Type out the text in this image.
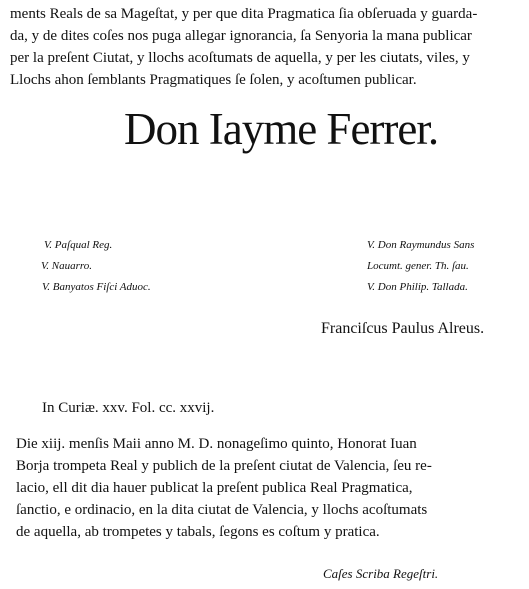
ments Reals de sa Mageſtat, y per que dita Pragmatica ſia obſeruada y guarda-
da, y de dites coſes nos puga allegar ignorancia, ſa Senyoria la mana publicar
per la preſent Ciutat, y llochs acoſtumats de aquella, y per les ciutats, viles, y
Llochs ahon ſemblants Pragmatiques ſe ſolen, y acoſtumen publicar.
Don Iayme Ferrer.
V. Paſqual Reg.
V. Nauarro.
V. Banyatos Fiſci Aduoc.
V. Don Raymundus Sans
Locumt. gener. Th. ſau.
V. Don Philip. Tallada.
Franciſcus Paulus Alreus.
In Curiæ. xxv. Fol. cc. xxvij.
Die xiij. menſis Maii anno M. D. nonageſimo quinto, Honorat Iuan
Borja trompeta Real y publich de la preſent ciutat de Valencia, ſeu re-
lacio, ell dit dia hauer publicat la preſent publica Real Pragmatica,
ſanctio, e ordinacio, en la dita ciutat de Valencia, y llochs acoſtumats
de aquella, ab trompetes y tabals, ſegons es coſtum y pratica.
Caſes Scriba Regeſtri.
